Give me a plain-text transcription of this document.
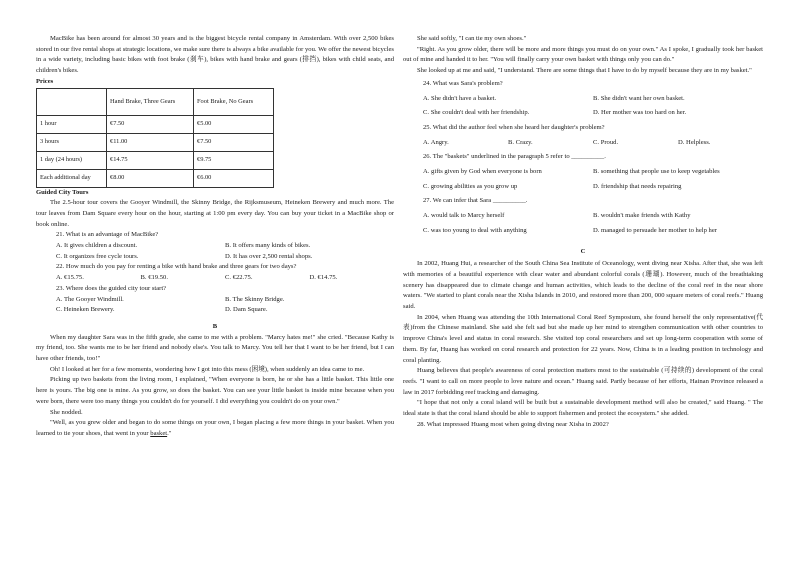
MacBike has been around for almost 30 years and is the biggest bicycle rental company in Amsterdam. With over 2,500 bikes stored in our five rental shops at strategic locations, we make sure there is always a bike available for you. We offer the newest bicycles in a wide variety, including basic bikes with foot brake (刹车), bikes with hand brake and gears (排挡), bikes with child seats, and children's bikes.

Prices

	Hand Brake, Three Gears	Foot Brake, No Gears
1 hour	€7.50	€5.00
3 hours	€11.00	€7.50
1 day (24 hours)	€14.75	€9.75
Each additional day	€8.00	€6.00

Guided City Tours

The 2.5-hour tour covers the Gooyer Windmill, the Skinny Bridge, the Rijksmuseum, Heineken Brewery and much more. The tour leaves from Dam Square every hour on the hour, starting at 1:00 pm every day. You can buy your ticket in a MacBike shop or book online.

21. What is an advantage of MacBike?

A. It gives children a discount.	B. It offers many kinds of bikes.
C. It organizes free cycle tours.	D. It has over 2,500 rental shops.

22. How much do you pay for renting a bike with hand brake and three gears for two days?

A. €15.75.	B. €19.50.	C. €22.75.	D. €14.75.

23. Where does the guided city tour start?

A. The Gooyer Windmill.	B. The Skinny Bridge.
C. Heineken Brewery.	D. Dam Square.

B

When my daughter Sara was in the fifth grade, she came to me with a problem. "Marcy hates me!" she cried. "Because Kathy is my friend, too. She wants me to be her friend and nobody else's. You talk to Marcy. You tell her that I want to be her friend, but I can have other friends, too!"

Oh! I looked at her for a few moments, wondering how I got into this mess (困境), when suddenly an idea came to me.

Picking up two baskets from the living room, I explained, "When everyone is born, he or she has a little basket. This little one here is yours. The big one is mine. As you grow, so does the basket. You can see your little basket is inside mine because when you were born, there were too many things you couldn't do for yourself. I did everything you couldn't do on your own."

She nodded.

"Well, as you grew older and began to do some things on your own, I began placing a few more things in your basket. When you learned to tie your shoes, that went in your basket."

She said softly, "I can tie my own shoes."

"Right. As you grow older, there will be more and more things you must do on your own." As I spoke, I gradually took her basket out of mine and handed it to her. "You will finally carry your own basket with things only you can do."

She looked up at me and said, "I understand. There are some things that I have to do by myself because they are in my basket."

24. What was Sara's problem?

A. She didn't have a basket.	B. She didn't want her own basket.
C. She couldn't deal with her friendship.	D. Her mother was too hard on her.

25. What did the author feel when she heard her daughter's problem?

A. Angry.	B. Crazy.	C. Proud.	D. Helpless.

26. The "baskets" underlined in the paragraph 5 refer to __________.

A. gifts given by God when everyone is born	B. something that people use to keep vegetables
C. growing abilities as you grow up	D. friendship that needs repairing

27. We can infer that Sara __________.

A. would talk to Marcy herself	B. wouldn't make friends with Kathy
C. was too young to deal with anything	D. managed to persuade her mother to help her

C

In 2002, Huang Hui, a researcher of the South China Sea Institute of Oceanology, went diving near Xisha. After that, she was left with memories of a beautiful experience with clear water and abundant colorful corals (珊瑚). However, much of the breathtaking scenery has disappeared due to climate change and human activities, which leads to the decline of the coral reef in the near shore waters. "We started to plant corals near the Xisha Islands in 2010, and restored more than 200, 000 square meters of coral reefs." Huang said.

In 2004, when Huang was attending the 10th International Coral Reef Symposium, she found herself the only representative(代表)from the Chinese mainland. She said she felt sad but she made up her mind to strengthen communication with other countries to improve China's level and status in coral research. She visited top coral researchers and set up long-term cooperation with some of them. By far, Huang has worked on coral research and protection for 22 years. Now, China is in a leading position in technology and coral planting.

Huang believes that people's awareness of coral protection matters most to the sustainable (可持续的) development of the coral reefs. "I want to call on more people to love nature and ocean." Huang said. Partly because of her efforts, Hainan Province released a law in 2017 forbidding reef tracking and damaging.

"I hope that not only a coral island will be built but a sustainable development method will also be created," said Huang. " The ideal state is that the coral island should be able to support fishermen and protect the ecosystem." she added.

28. What impressed Huang most when going diving near Xisha in 2002?
